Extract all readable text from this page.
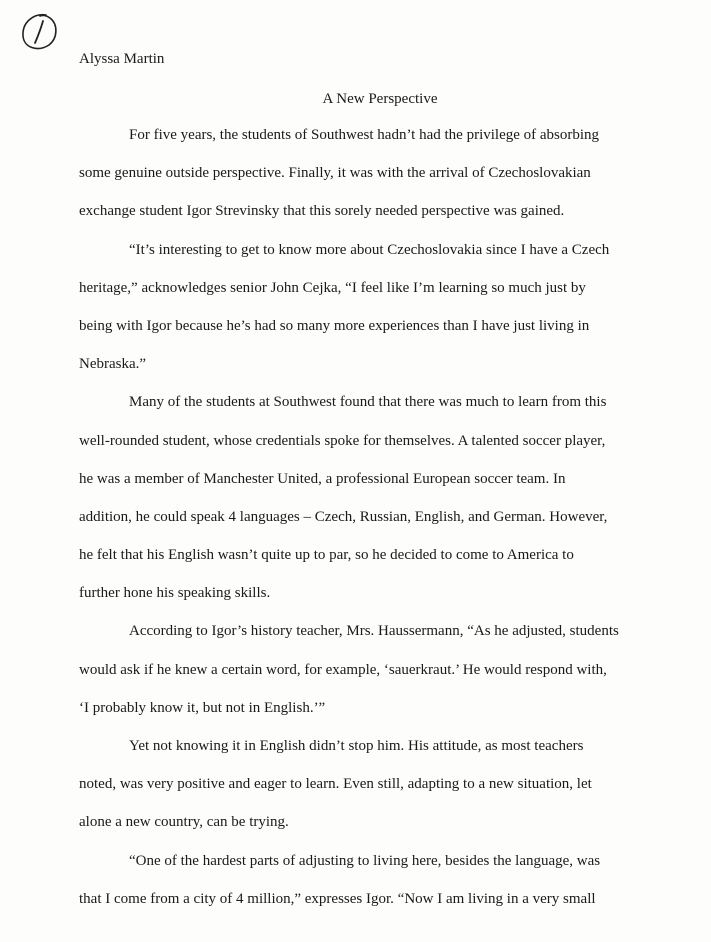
1
Alyssa Martin
A New Perspective
For five years, the students of Southwest hadn’t had the privilege of absorbing
some genuine outside perspective. Finally, it was with the arrival of Czechoslovakian
exchange student Igor Strevinsky that this sorely needed perspective was gained.
“It’s interesting to get to know more about Czechoslovakia since I have a Czech
heritage,” acknowledges senior John Cejka, “I feel like I’m learning so much just by
being with Igor because he’s had so many more experiences than I have just living in
Nebraska.”
Many of the students at Southwest found that there was much to learn from this
well-rounded student, whose credentials spoke for themselves. A talented soccer player,
he was a member of Manchester United, a professional European soccer team. In
addition, he could speak 4 languages – Czech, Russian, English, and German. However,
he felt that his English wasn’t quite up to par, so he decided to come to America to
further hone his speaking skills.
According to Igor’s history teacher, Mrs. Haussermann, “As he adjusted, students
would ask if he knew a certain word, for example, ‘sauerkraut.’ He would respond with,
‘I probably know it, but not in English.’”
Yet not knowing it in English didn’t stop him. His attitude, as most teachers
noted, was very positive and eager to learn. Even still, adapting to a new situation, let
alone a new country, can be trying.
“One of the hardest parts of adjusting to living here, besides the language, was
that I come from a city of 4 million,” expresses Igor. “Now I am living in a very small
